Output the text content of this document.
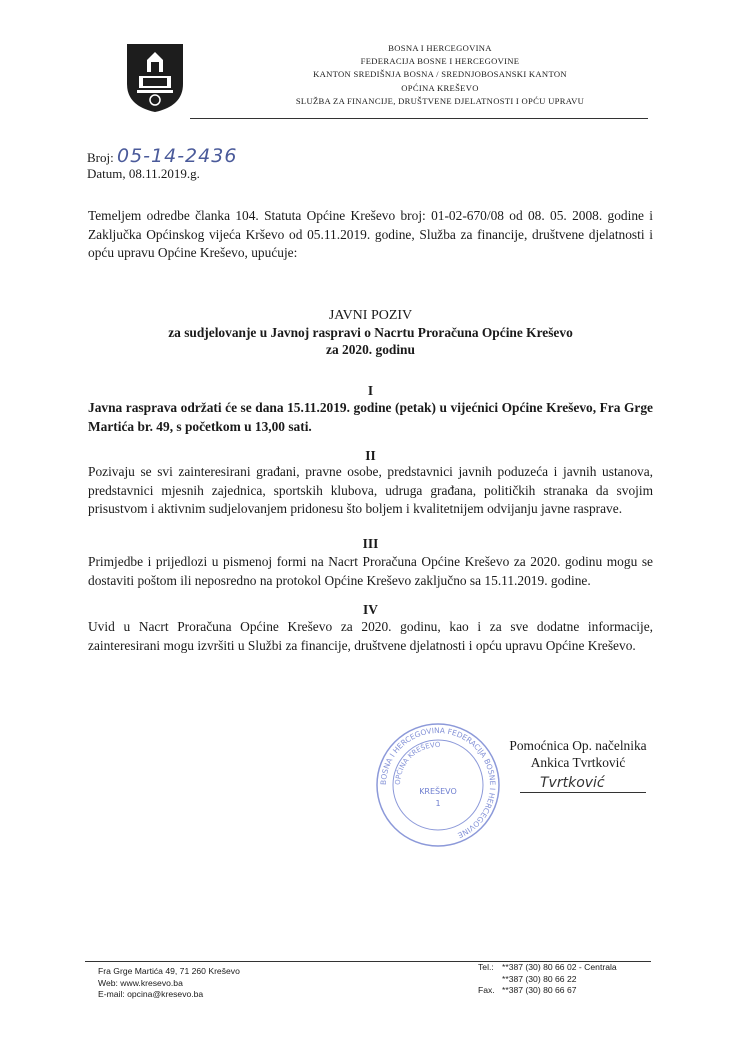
BOSNA I HERCEGOVINA
FEDERACIJA BOSNE I HERCEGOVINE
KANTON SREDIŠNJA BOSNA / SREDNJOBOSANSKI KANTON
OPĆINA KREŠEVO
SLUŽBA ZA FINANCIJE, DRUŠTVENE DJELATNOSTI I OPĆU UPRAVU
Broj: 05-14-2436
Datum, 08.11.2019.g.
Temeljem odredbe članka 104. Statuta Općine Kreševo broj: 01-02-670/08 od 08. 05. 2008. godine i Zaključka Općinskog vijeća Krševo od 05.11.2019. godine, Služba za financije, društvene djelatnosti i opću upravu Općine Kreševo, upućuje:
JAVNI POZIV
za sudjelovanje u Javnoj raspravi o Nacrtu Proračuna Općine Kreševo
za 2020. godinu
I
Javna rasprava održati će se dana 15.11.2019. godine (petak) u vijećnici Općine Kreševo, Fra Grge Martića br. 49, s početkom u 13,00 sati.
II
Pozivaju se svi zainteresirani građani, pravne osobe, predstavnici javnih poduzeća i javnih ustanova, predstavnici mjesnih zajednica, sportskih klubova, udruga građana, političkih stranaka da svojim prisustvom i aktivnim sudjelovanjem pridonesu što boljem i kvalitetnijem odvijanju javne rasprave.
III
Primjedbe i prijedlozi u pismenoj formi na Nacrt Proračuna Općine Kreševo za 2020. godinu mogu se dostaviti poštom ili neposredno na protokol Općine Kreševo zaključno sa 15.11.2019. godine.
IV
Uvid u Nacrt Proračuna Općine Kreševo za 2020. godinu, kao i za sve dodatne informacije, zainteresirani mogu izvršiti u Službi za financije, društvene djelatnosti i opću upravu Općine Kreševo.
BOSNA I HERCEGOVINA FEDERACIJA BOSNE I HERCEGOVINE
OPĆINA KREŠEVO
KREŠEVO
1
Pomoćnica Op. načelnika
Ankica Tvrtković
Tvrtković
Fra Grge Martića 49, 71 260 Kreševo
Web: www.kresevo.ba
E-mail: opcina@kresevo.ba
Tel.: **387 (30) 80 66 02 - Centrala
**387 (30) 80 66 22
Fax. **387 (30) 80 66 67
